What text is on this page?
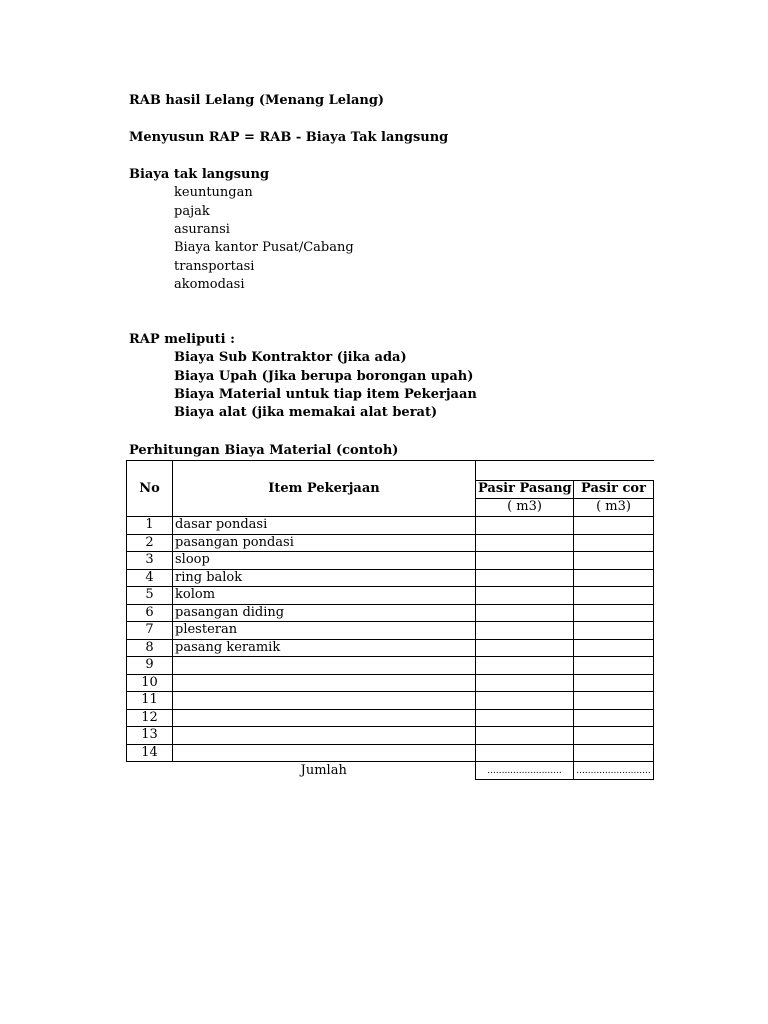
RAB hasil Lelang (Menang Lelang)
Menyusun RAP = RAB - Biaya Tak langsung
Biaya tak langsung
keuntungan
pajak
asuransi
Biaya kantor Pusat/Cabang
transportasi
akomodasi
RAP meliputi :
Biaya Sub Kontraktor (jika ada)
Biaya Upah (Jika berupa borongan upah)
Biaya Material untuk tiap item Pekerjaan
Biaya alat (jika memakai alat berat)
Perhitungan Biaya Material (contoh)
No	Item Pekerjaan		
		Pasir Pasang	Pasir cor
		( m3)	( m3)
1	dasar pondasi		
2	pasangan pondasi		
3	sloop		
4	ring balok		
5	kolom		
6	pasangan diding		
7	plesteran		
8	pasang keramik		
9			
10			
11			
12			
13			
14			
	Jumlah	..........................	..........................
